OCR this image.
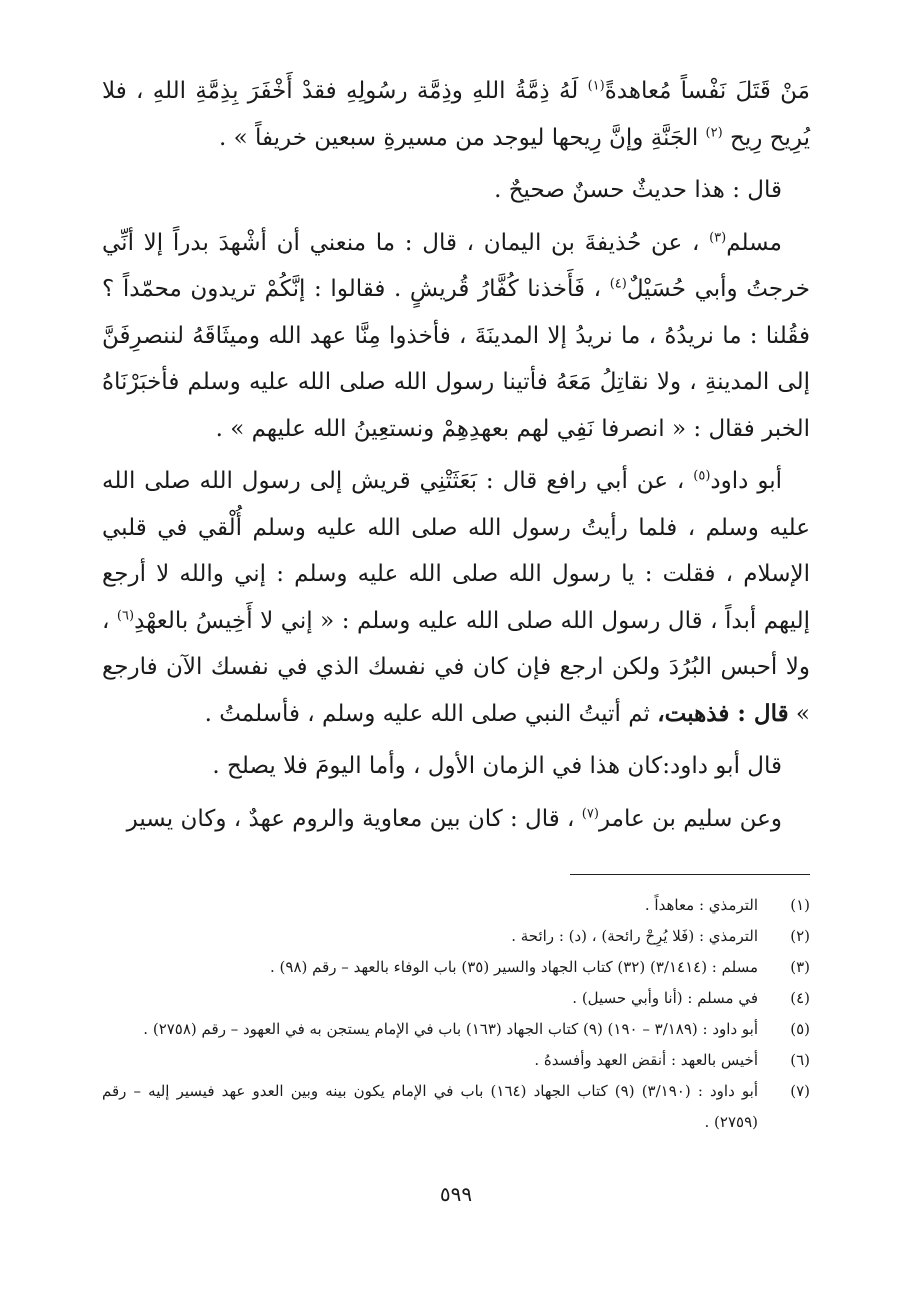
مَنْ قَتَلَ نَفْساً مُعاهدةً$^{(١)}$ لَهُ ذِمَّةُ اللهِ وذِمَّة رسُولِهِ فقدْ أَخْفَرَ بِذِمَّةِ اللهِ ، فلا يُرِيح رِيح $^{(٢)}$ الجَنَّةِ وإنَّ رِيحها ليوجد من مسيرةِ سبعين خريفاً » .

قال : هذا حديثٌ حسنٌ صحيحٌ .

مسلم$^{(٣)}$ ، عن حُذيفةَ بن اليمان ، قال : ما منعني أن أشْهدَ بدراً إلا أنِّي خرجتُ وأبي حُسَيْلٌ$^{(٤)}$ ، فَأَخذنا كُفَّارُ قُريشٍ . فقالوا : إنَّكُمْ تريدون محمّداً ؟ فقُلنا : ما نريدُهُ ، ما نريدُ إلا المدينَةَ ، فأخذوا مِنَّا عهد الله وميثَاقَهُ لننصرِفَنَّ إلى المدينةِ ، ولا نقاتِلُ مَعَهُ فأتينا رسول الله صلى الله عليه وسلم فأخبَرْنَاهُ الخبر فقال : « انصرفا نَفِي لهم بعهدِهِمْ ونستعِينُ الله عليهم » .

أبو داود$^{(٥)}$ ، عن أبي رافع قال : بَعَثَتْنِي قريش إلى رسول الله صلى الله عليه وسلم ، فلما رأيتُ رسول الله صلى الله عليه وسلم أُلْقي في قلبي الإسلام ، فقلت : يا رسول الله صلى الله عليه وسلم : إني والله لا أرجع إليهم أبداً ، قال رسول الله صلى الله عليه وسلم : « إني لا أَخِيسُ بالعهْدِ$^{(٦)}$ ، ولا أحبس البُرُدَ ولكن ارجع فإن كان في نفسك الذي في نفسك الآن فارجع » قال : فذهبت، ثم أتيتُ النبي صلى الله عليه وسلم ، فأسلمتُ .

قال أبو داود:كان هذا في الزمان الأول ، وأما اليومَ فلا يصلح .

وعن سليم بن عامر$^{(٧)}$ ، قال : كان بين معاوية والروم عهدٌ ، وكان يسير

(١)
الترمذي : معاهداً .
(٢)
الترمذي : (فَلا يُرِحْ رائحة) ، (د) : رائحة .
(٣)
مسلم : (٣/١٤١٤) (٣٢) كتاب الجهاد والسير (٣٥) باب الوفاء بالعهد – رقم (٩٨) .
(٤)
في مسلم : (أنا وأبي حسيل) .
(٥)
أبو داود : (٣/١٨٩ – ١٩٠) (٩) كتاب الجهاد (١٦٣) باب في الإمام يستجن به في العهود – رقم (٢٧٥٨) .
(٦)
أخيس بالعهد : أنقض العهد وأفسدهُ .
(٧)
أبو داود : (٣/١٩٠) (٩) كتاب الجهاد (١٦٤) باب في الإمام يكون بينه وبين العدو عهد فيسير إليه – رقم (٢٧٥٩) .
٥٩٩
